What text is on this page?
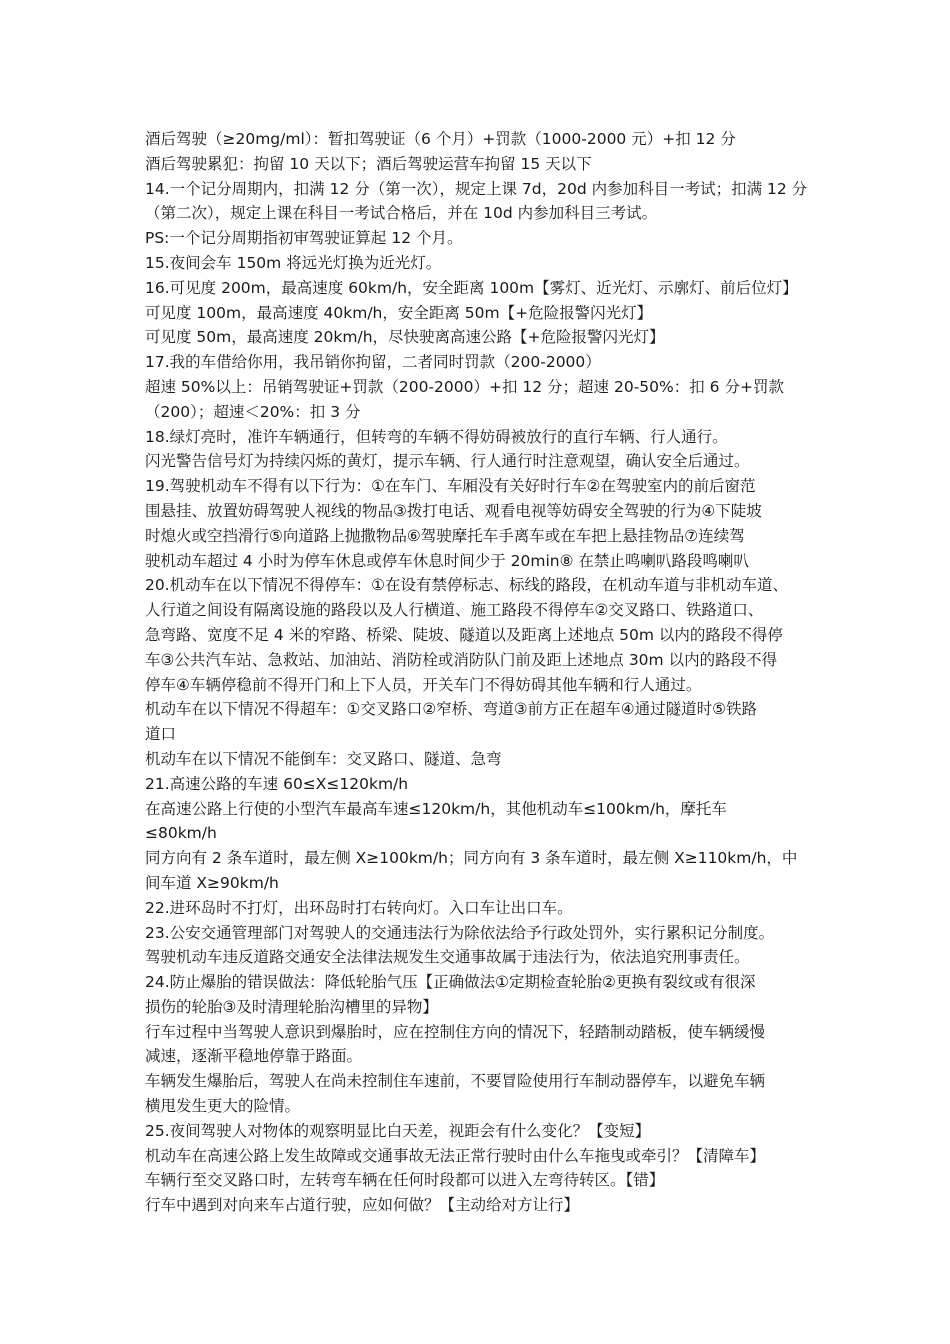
酒后驾驶（≥20mg/ml）：暂扣驾驶证（6 个月）+罚款（1000-2000 元）+扣 12 分
酒后驾驶累犯：拘留 10 天以下；酒后驾驶运营车拘留 15 天以下
14.一个记分周期内，扣满 12 分（第一次），规定上课 7d，20d 内参加科目一考试；扣满 12 分
（第二次），规定上课在科目一考试合格后，并在 10d 内参加科目三考试。
PS:一个记分周期指初审驾驶证算起 12 个月。
15.夜间会车 150m 将远光灯换为近光灯。
16.可见度 200m，最高速度 60km/h，安全距离 100m【雾灯、近光灯、示廓灯、前后位灯】
可见度 100m，最高速度 40km/h，安全距离 50m【+危险报警闪光灯】
可见度 50m，最高速度 20km/h，尽快驶离高速公路【+危险报警闪光灯】
17.我的车借给你用，我吊销你拘留，二者同时罚款（200-2000）
超速 50%以上：吊销驾驶证+罚款（200-2000）+扣 12 分；超速 20-50%：扣 6 分+罚款
（200）；超速＜20%：扣 3 分
18.绿灯亮时，准许车辆通行，但转弯的车辆不得妨碍被放行的直行车辆、行人通行。
闪光警告信号灯为持续闪烁的黄灯，提示车辆、行人通行时注意观望，确认安全后通过。
19.驾驶机动车不得有以下行为：①在车门、车厢没有关好时行车②在驾驶室内的前后窗范
围悬挂、放置妨碍驾驶人视线的物品③拨打电话、观看电视等妨碍安全驾驶的行为④下陡坡
时熄火或空挡滑行⑤向道路上抛撒物品⑥驾驶摩托车手离车或在车把上悬挂物品⑦连续驾
驶机动车超过 4 小时为停车休息或停车休息时间少于 20min⑧ 在禁止鸣喇叭路段鸣喇叭
20.机动车在以下情况不得停车：①在设有禁停标志、标线的路段，在机动车道与非机动车道、
人行道之间设有隔离设施的路段以及人行横道、施工路段不得停车②交叉路口、铁路道口、
急弯路、宽度不足 4 米的窄路、桥梁、陡坡、隧道以及距离上述地点 50m 以内的路段不得停
车③公共汽车站、急救站、加油站、消防栓或消防队门前及距上述地点 30m 以内的路段不得
停车④车辆停稳前不得开门和上下人员，开关车门不得妨碍其他车辆和行人通过。
机动车在以下情况不得超车：①交叉路口②窄桥、弯道③前方正在超车④通过隧道时⑤铁路
道口
机动车在以下情况不能倒车：交叉路口、隧道、急弯
21.高速公路的车速 60≤X≤120km/h
在高速公路上行使的小型汽车最高车速≤120km/h，其他机动车≤100km/h，摩托车
≤80km/h
同方向有 2 条车道时，最左侧 X≥100km/h；同方向有 3 条车道时，最左侧 X≥110km/h，中
间车道 X≥90km/h
22.进环岛时不打灯，出环岛时打右转向灯。入口车让出口车。
23.公安交通管理部门对驾驶人的交通违法行为除依法给予行政处罚外，实行累积记分制度。
驾驶机动车违反道路交通安全法律法规发生交通事故属于违法行为，依法追究刑事责任。
24.防止爆胎的错误做法：降低轮胎气压【正确做法①定期检查轮胎②更换有裂纹或有很深
损伤的轮胎③及时清理轮胎沟槽里的异物】
行车过程中当驾驶人意识到爆胎时，应在控制住方向的情况下，轻踏制动踏板，使车辆缓慢
减速，逐渐平稳地停靠于路面。
车辆发生爆胎后，驾驶人在尚未控制住车速前，不要冒险使用行车制动器停车，以避免车辆
横甩发生更大的险情。
25.夜间驾驶人对物体的观察明显比白天差，视距会有什么变化？【变短】
机动车在高速公路上发生故障或交通事故无法正常行驶时由什么车拖曳或牵引？【清障车】
车辆行至交叉路口时，左转弯车辆在任何时段都可以进入左弯待转区。【错】
行车中遇到对向来车占道行驶，应如何做？【主动给对方让行】
